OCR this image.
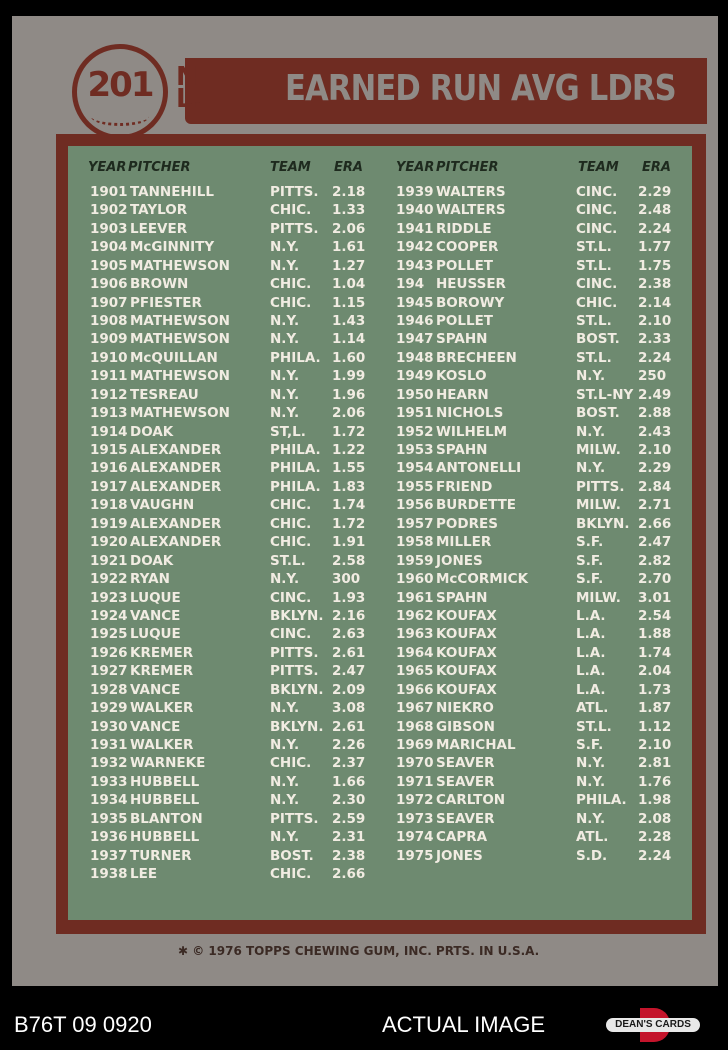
EARNED RUN AVG LDRS
201 N
L.
YEAR PITCHER	TEAM ERA	YEAR PITCHER	TEAM ERA
1901 TANNEHILL	PITTS. 2.18
1902 TAYLOR	CHIC. 1.33
1903 LEEVER	PITTS. 2.06
1904 McGINNITY	N.Y. 1.61
1905 MATHEWSON	N.Y. 1.27
1906 BROWN	CHIC. 1.04
1907 PFIESTER	CHIC. 1.15
1908 MATHEWSON	N.Y. 1.43
1909 MATHEWSON	N.Y. 1.14
1910 McQUILLAN	PHILA. 1.60
1911 MATHEWSON	N.Y. 1.99
1912 TESREAU	N.Y. 1.96
1913 MATHEWSON	N.Y. 2.06
1914 DOAK	ST,L. 1.72
1915 ALEXANDER	PHILA. 1.22
1916 ALEXANDER	PHILA. 1.55
1917 ALEXANDER	PHILA. 1.83
1918 VAUGHN	CHIC. 1.74
1919 ALEXANDER	CHIC. 1.72
1920 ALEXANDER	CHIC. 1.91
1921 DOAK	ST.L. 2.58
1922 RYAN	N.Y. 300
1923 LUQUE	CINC. 1.93
1924 VANCE	BKLYN. 2.16
1925 LUQUE	CINC. 2.63
1926 KREMER	PITTS. 2.61
1927 KREMER	PITTS. 2.47
1928 VANCE	BKLYN. 2.09
1929 WALKER	N.Y. 3.08
1930 VANCE	BKLYN. 2.61
1931 WALKER	N.Y. 2.26
1932 WARNEKE	CHIC. 2.37
1933 HUBBELL	N.Y. 1.66
1934 HUBBELL	N.Y. 2.30
1935 BLANTON	PITTS. 2.59
1936 HUBBELL	N.Y. 2.31
1937 TURNER	BOST. 2.38
1938 LEE	CHIC. 2.66
1939 WALTERS	CINC. 2.29
1940 WALTERS	CINC. 2.48
1941 RIDDLE	CINC. 2.24
1942 COOPER	ST.L. 1.77
1943 POLLET	ST.L. 1.75
194 HEUSSER	CINC. 2.38
1945 BOROWY	CHIC. 2.14
1946 POLLET	ST.L. 2.10
1947 SPAHN	BOST. 2.33
1948 BRECHEEN	ST.L. 2.24
1949 KOSLO	N.Y. 250
1950 HEARN	ST.L-NY 2.49
1951 NICHOLS	BOST. 2.88
1952 WILHELM	N.Y. 2.43
1953 SPAHN	MILW. 2.10
1954 ANTONELLI	N.Y. 2.29
1955 FRIEND	PITTS. 2.84
1956 BURDETTE	MILW. 2.71
1957 PODRES	BKLYN. 2.66
1958 MILLER	S.F.	2.47
1959 JONES	S.F.	2.82
1960 McCORMICK	S.F.	2.70
1961 SPAHN	MILW. 3.01
1962 KOUFAX	L.A. 2.54
1963 KOUFAX	L.A. 1.88
1964 KOUFAX	L.A. 1.74
1965 KOUFAX	L.A. 2.04
1966 KOUFAX	L.A. 1.73
1967 NIEKRO	ATL. 1.87
1968 GIBSON	ST.L. 1.12
1969 MARICHAL	S.F.	2.10
1970 SEAVER	N.Y. 2.81
1971 SEAVER	N.Y. 1.76
1972 CARLTON	PHILA. 1.98
1973 SEAVER	N.Y. 2.08
1974 CAPRA	ATL. 2.28
1975 JONES	S.D. 2.24
✱ © 1976 TOPPS CHEWING GUM, INC. PRTS. IN U.S.A.
B76T 09 0920	ACTUAL IMAGE	DEAN'S CARDS
